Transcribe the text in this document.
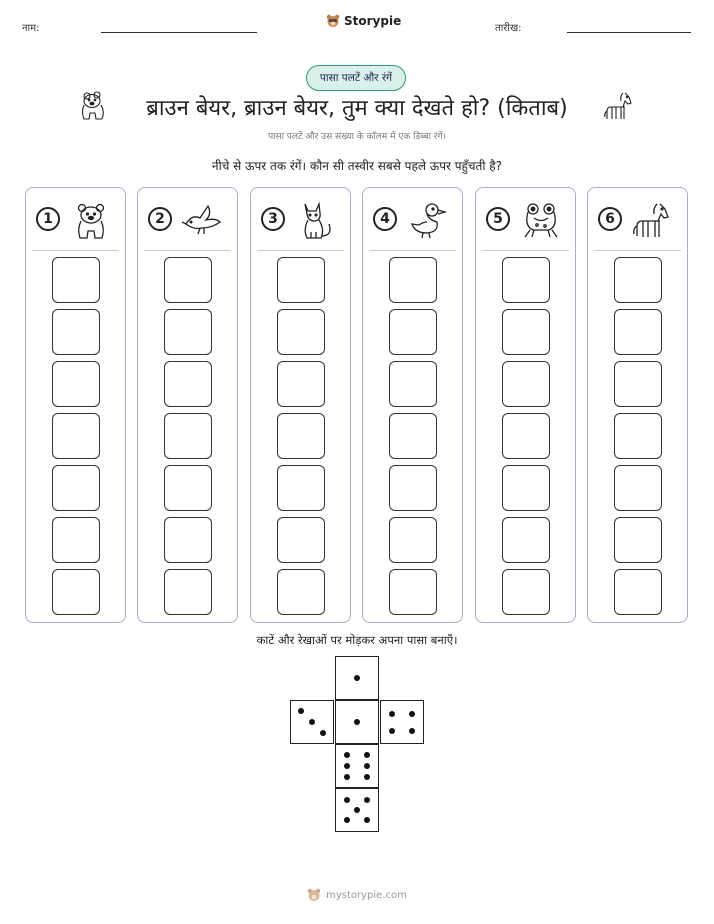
नाम:
Storypie
तारीख:
पासा पलटें और रंगें
ब्राउन बेयर, ब्राउन बेयर, तुम क्या देखते हो? (किताब)
पासा पलटें और उस संख्या के कॉलम में एक डिब्बा रंगें।
नीचे से ऊपर तक रंगें। कौन सी तस्वीर सबसे पहले ऊपर पहुँचती है?
1	2	3	4	5	6
काटें और रेखाओं पर मोड़कर अपना पासा बनाएँ।
mystorypie.com
